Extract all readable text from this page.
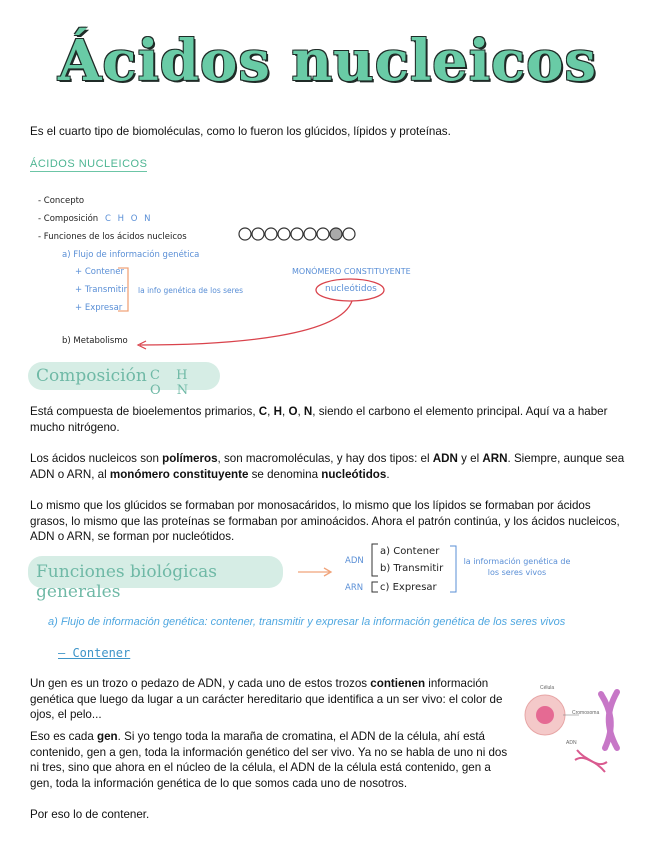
Ácidos nucleicos
Es el cuarto tipo de biomoléculas, como lo fueron los glúcidos, lípidos y proteínas.
ÁCIDOS NUCLEICOS
- Concepto
- Composición C H O N
- Funciones de los ácidos nucleicos
a) Flujo de información genética
+ Contener
+ Transmitir
+ Expresar
la info genética de los seres
b) Metabolismo
MONÓMERO CONSTITUYENTE
nucleótidos
Composición C H O N
Está compuesta de bioelementos primarios, C, H, O, N, siendo el carbono el elemento principal. Aquí va a haber mucho nitrógeno.
Los ácidos nucleicos son polímeros, son macromoléculas, y hay dos tipos: el ADN y el ARN. Siempre, aunque sea ADN o ARN, al monómero constituyente se denomina nucleótidos.
Lo mismo que los glúcidos se formaban por monosacáridos, lo mismo que los lípidos se formaban por ácidos grasos, lo mismo que las proteínas se formaban por aminoácidos. Ahora el patrón continúa, y los ácidos nucleicos, ADN o ARN, se forman por nucleótidos.
Funciones biológicas generales
ADN
ARN
a) Contener
b) Transmitir
c) Expresar
la información genética de los seres vivos
a) Flujo de información genética: contener, transmitir y expresar la información genética de los seres vivos
– Contener
Un gen es un trozo o pedazo de ADN, y cada uno de estos trozos contienen información genética que luego da lugar a un carácter hereditario que identifica a un ser vivo: el color de ojos, el pelo...
Eso es cada gen. Si yo tengo toda la maraña de cromatina, el ADN de la célula, ahí está contenido, gen a gen, toda la información genético del ser vivo. Ya no se habla de uno ni dos ni tres, sino que ahora en el núcleo de la célula, el ADN de la célula está contenido, gen a gen, toda la información genética de lo que somos cada uno de nosotros.
Por eso lo de contener.
Célula
Cromosoma
ADN
